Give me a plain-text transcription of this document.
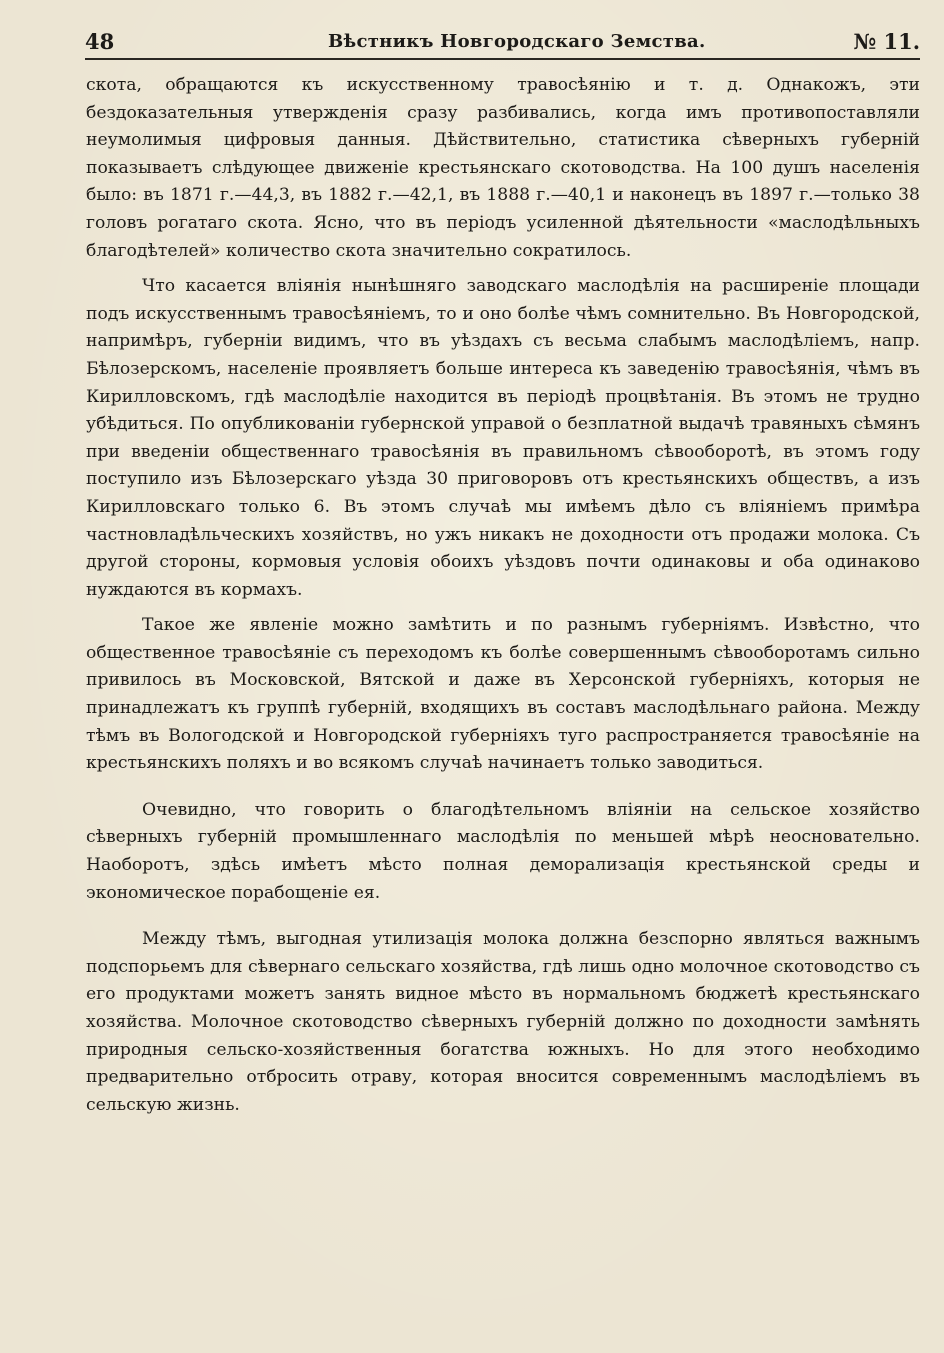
48	Вѣстникъ Новгородскаго Земства.	№ 11.

скота, обращаются къ искусственному травосѣянію и т. д. Однакожъ, эти бездоказательныя утвержденія сразу разбивались, когда имъ противопоставляли неумолимыя цифровыя данныя. Дѣйствительно, статистика сѣверныхъ губерній показываетъ слѣдующее движеніе крестьянскаго скотоводства. На 100 душъ населенія было: въ 1871 г.—44,3, въ 1882 г.—42,1, въ 1888 г.—40,1 и наконецъ въ 1897 г.—только 38 головъ рогатаго скота. Ясно, что въ періодъ усиленной дѣятельности «маслодѣльныхъ благодѣтелей» количество скота значительно сократилось.

Что касается вліянія нынѣшняго заводскаго маслодѣлія на расширеніе площади подъ искусственнымъ травосѣяніемъ, то и оно болѣе чѣмъ сомнительно. Въ Новгородской, напримѣръ, губерніи видимъ, что въ уѣздахъ съ весьма слабымъ маслодѣліемъ, напр. Бѣлозерскомъ, населеніе проявляетъ больше интереса къ заведенію травосѣянія, чѣмъ въ Кирилловскомъ, гдѣ маслодѣліе находится въ періодѣ процвѣтанія. Въ этомъ не трудно убѣдиться. По опубликованіи губернской управой о безплатной выдачѣ травяныхъ сѣмянъ при введеніи общественнаго травосѣянія въ правильномъ сѣвооборотѣ, въ этомъ году поступило изъ Бѣлозерскаго уѣзда 30 приговоровъ отъ крестьянскихъ обществъ, а изъ Кирилловскаго только 6. Въ этомъ случаѣ мы имѣемъ дѣло съ вліяніемъ примѣра частновладѣльческихъ хозяйствъ, но ужъ никакъ не доходности отъ продажи молока. Съ другой стороны, кормовыя условія обоихъ уѣздовъ почти одинаковы и оба одинаково нуждаются въ кормахъ.

Такое же явленіе можно замѣтить и по разнымъ губерніямъ. Извѣстно, что общественное травосѣяніе съ переходомъ къ болѣе совершеннымъ сѣвооборотамъ сильно привилось въ Московской, Вятской и даже въ Херсонской губерніяхъ, которыя не принадлежатъ къ группѣ губерній, входящихъ въ составъ маслодѣльнаго района. Между тѣмъ въ Вологодской и Новгородской губерніяхъ туго распространяется травосѣяніе на крестьянскихъ поляхъ и во всякомъ случаѣ начинаетъ только заводиться.

Очевидно, что говорить о благодѣтельномъ вліяніи на сельское хозяйство сѣверныхъ губерній промышленнаго маслодѣлія по меньшей мѣрѣ неосновательно. Наоборотъ, здѣсь имѣетъ мѣсто полная деморализація крестьянской среды и экономическое порабощеніе ея.

Между тѣмъ, выгодная утилизація молока должна безспорно являться важнымъ подспорьемъ для сѣвернаго сельскаго хозяйства, гдѣ лишь одно молочное скотоводство съ его продуктами можетъ занять видное мѣсто въ нормальномъ бюджетѣ крестьянскаго хозяйства. Молочное скотоводство сѣверныхъ губерній должно по доходности замѣнять природныя сельско-хозяйственныя богатства южныхъ. Но для этого необходимо предварительно отбросить отраву, которая вносится современнымъ маслодѣліемъ въ сельскую жизнь.
